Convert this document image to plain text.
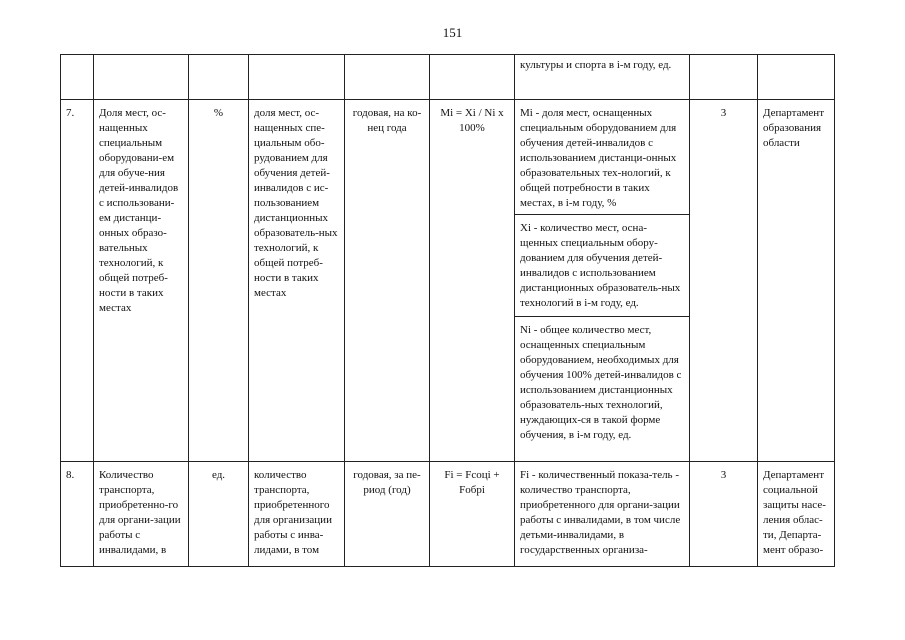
151
						культуры и спорта в i-м году, ед.		
7.	Доля мест, ос-нащенных специальным оборудовани-ем для обуче-ния детей-инвалидов с использовани-ем дистанци-онных образо-вательных технологий, к общей потреб-ности в таких местах	%	доля мест, ос-нащенных спе-циальным обо-рудованием для обучения детей-инвалидов с ис-пользованием дистанционных образователь-ных технологий, к общей потреб-ности в таких местах	годовая, на ко-нец года	Mi = Xi / Ni x 100%	Mi - доля мест, оснащенных специальным оборудованием для обучения детей-инвалидов с использованием дистанци-онных образовательных тех-нологий, к общей потребности в таких местах, в i-м году, %	3	Департамент образования области
						Xi - количество мест, осна-щенных специальным обору-дованием для обучения детей-инвалидов с использованием дистанционных образователь-ных технологий в i-м году, ед.		
						Ni - общее количество мест, оснащенных специальным оборудованием, необходимых для обучения 100% детей-инвалидов с использованием дистанционных образователь-ных технологий, нуждающих-ся в такой форме обучения, в i-м году, ед.		

8.	Количество транспорта, приобретенно-го для органи-зации работы с инвалидами, в	ед.	количество транспорта, приобретенного для организации работы с инва-лидами, в том	годовая, за пе-риод (год)	Fi = Fcоцi + Fобрi	Fi - количественный показа-тель - количество транспорта, приобретенного для органи-зации работы с инвалидами, в том числе детьми-инвалидами, в государственных организа-	3	Департамент социальной защиты насе-ления облас-ти, Департа-мент образо-
